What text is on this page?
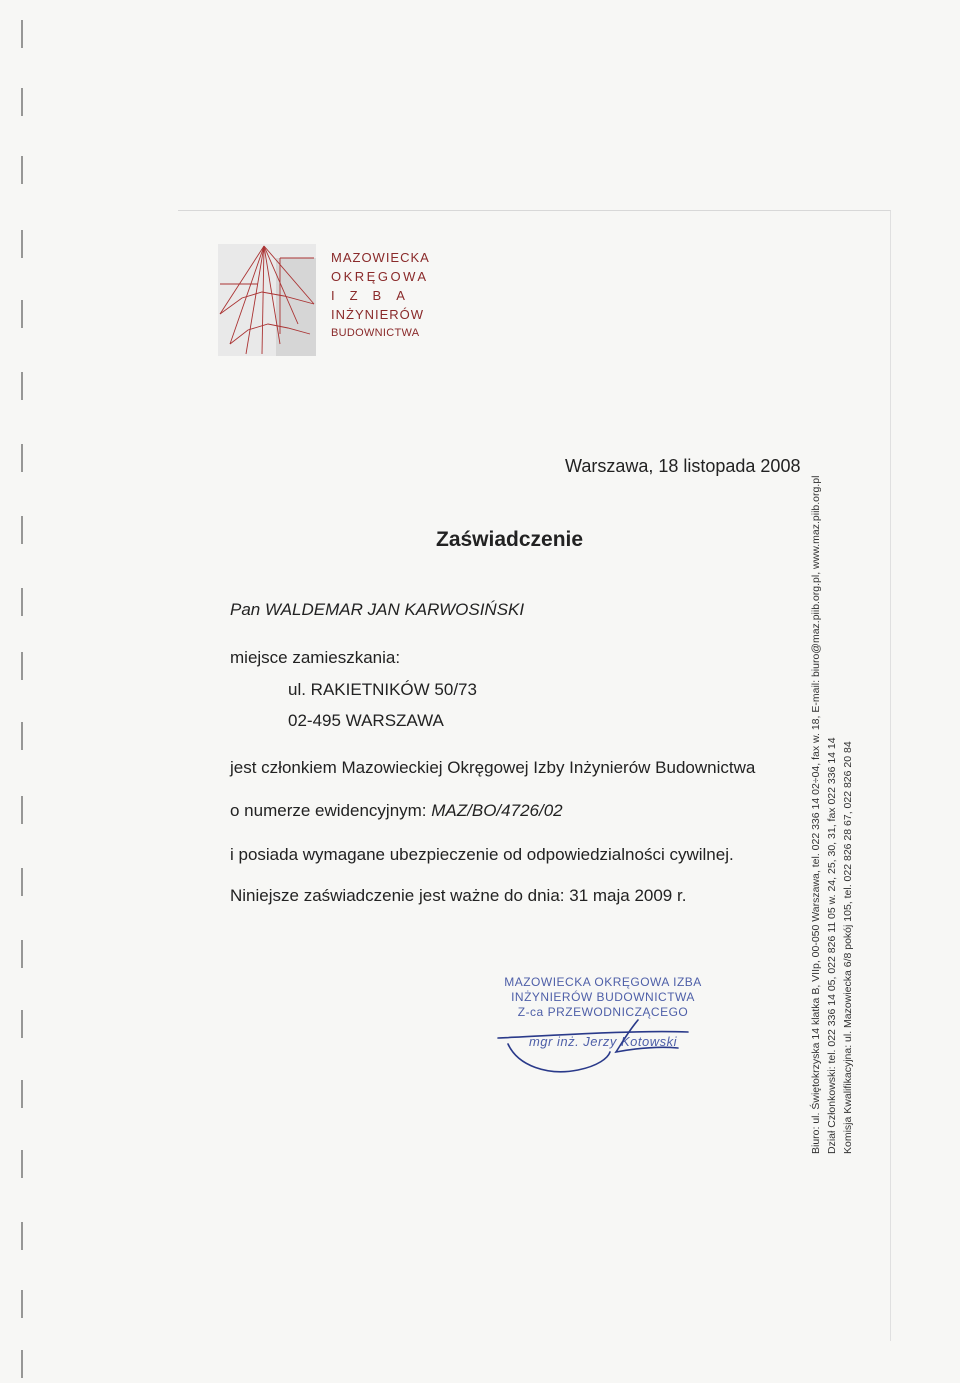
MAZOWIECKA
OKRĘGOWA
IZBA
INŻYNIERÓW
BUDOWNICTWA
Warszawa, 18 listopada 2008
Zaświadczenie
Pan WALDEMAR JAN KARWOSIŃSKI
miejsce zamieszkania:
ul. RAKIETNIKÓW 50/73
02-495 WARSZAWA
jest członkiem Mazowieckiej Okręgowej Izby Inżynierów Budownictwa
o numerze ewidencyjnym: MAZ/BO/4726/02
i posiada wymagane ubezpieczenie od odpowiedzialności cywilnej.
Niniejsze zaświadczenie jest ważne do dnia: 31 maja 2009 r.
MAZOWIECKA OKRĘGOWA IZBA
INŻYNIERÓW BUDOWNICTWA
Z-ca PRZEWODNICZĄCEGO
mgr inż. Jerzy Kotowski	Biuro: ul. Świętokrzyska 14 klatka B, VIIp, 00-050 Warszawa, tel. 022 336 14 02÷04, fax w. 18, E-mail: biuro@maz.piib.org.pl, www.maz.piib.org.pl Dział Członkowski: tel. 022 336 14 05, 022 826 11 05 w. 24, 25, 30, 31, fax 022 336 14 14 Komisja Kwalifikacyjna: ul. Mazowiecka 6/8 pokój 105, tel. 022 826 28 67, 022 826 20 84
